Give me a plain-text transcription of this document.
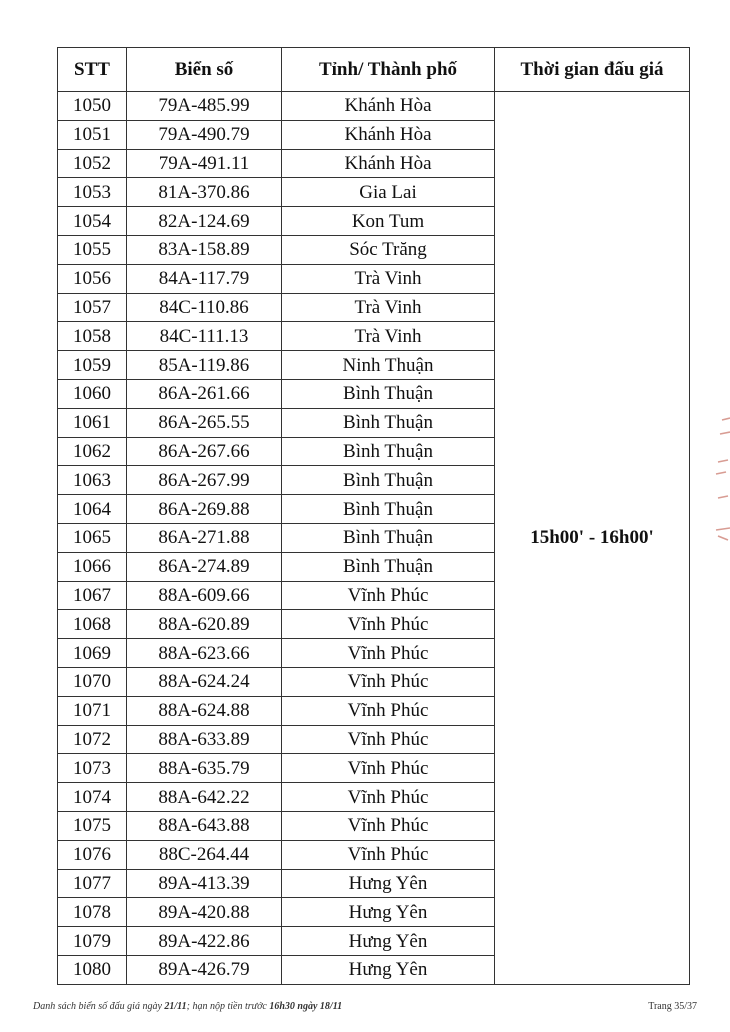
STT	Biển số	Tỉnh/ Thành phố	Thời gian đấu giá
1050	79A-485.99	Khánh Hòa	15h00' - 16h00'
1051	79A-490.79	Khánh Hòa	
1052	79A-491.11	Khánh Hòa	
1053	81A-370.86	Gia Lai	
1054	82A-124.69	Kon Tum	
1055	83A-158.89	Sóc Trăng	
1056	84A-117.79	Trà Vinh	
1057	84C-110.86	Trà Vinh	
1058	84C-111.13	Trà Vinh	
1059	85A-119.86	Ninh Thuận	
1060	86A-261.66	Bình Thuận	
1061	86A-265.55	Bình Thuận	
1062	86A-267.66	Bình Thuận	
1063	86A-267.99	Bình Thuận	
1064	86A-269.88	Bình Thuận	
1065	86A-271.88	Bình Thuận	
1066	86A-274.89	Bình Thuận	
1067	88A-609.66	Vĩnh Phúc	
1068	88A-620.89	Vĩnh Phúc	
1069	88A-623.66	Vĩnh Phúc	
1070	88A-624.24	Vĩnh Phúc	
1071	88A-624.88	Vĩnh Phúc	
1072	88A-633.89	Vĩnh Phúc	
1073	88A-635.79	Vĩnh Phúc	
1074	88A-642.22	Vĩnh Phúc	
1075	88A-643.88	Vĩnh Phúc	
1076	88C-264.44	Vĩnh Phúc	
1077	89A-413.39	Hưng Yên	
1078	89A-420.88	Hưng Yên	
1079	89A-422.86	Hưng Yên	
1080	89A-426.79	Hưng Yên	
Danh sách biển số đấu giá ngày 21/11; hạn nộp tiền trước 16h30 ngày 18/11	Trang 35/37
